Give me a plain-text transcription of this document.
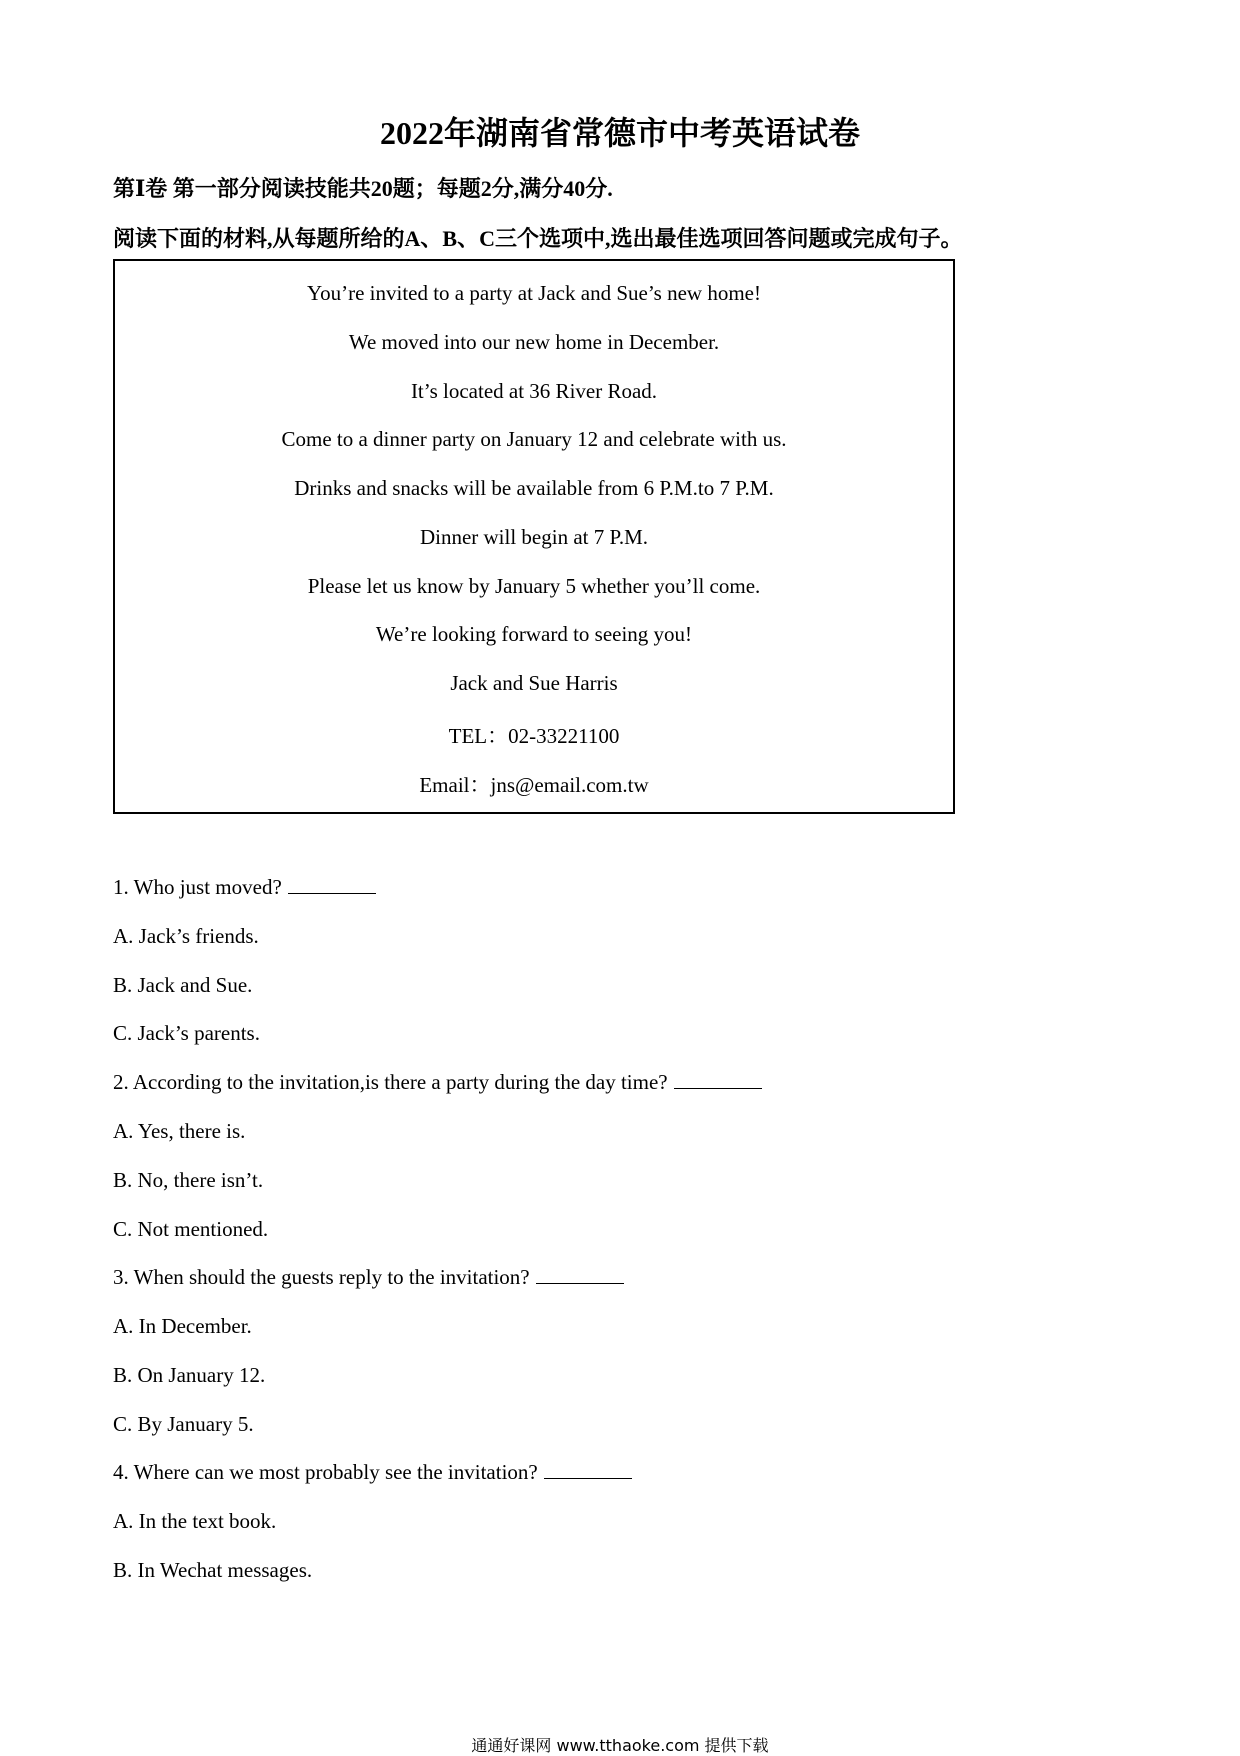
2022年湖南省常德市中考英语试卷

第Ⅰ卷 第一部分阅读技能共20题；每题2分,满分40分.

阅读下面的材料,从每题所给的A、B、C三个选项中,选出最佳选项回答问题或完成句子。

You’re invited to a party at Jack and Sue’s new home!
We moved into our new home in December.
It’s located at 36 River Road.
Come to a dinner party on January 12 and celebrate with us.
Drinks and snacks will be available from 6 P.M.to 7 P.M.
Dinner will begin at 7 P.M.
Please let us know by January 5 whether you’ll come.
We’re looking forward to seeing you!
Jack and Sue Harris
TEL：02-33221100
Email：jns@email.com.tw
1. Who just moved?
A. Jack’s friends.
B. Jack and Sue.
C. Jack’s parents.
2. According to the invitation,is there a party during the day time?
A. Yes, there is.
B. No, there isn’t.
C. Not mentioned.
3. When should the guests reply to the invitation?
A. In December.
B. On January 12.
C. By January 5.
4. Where can we most probably see the invitation?
A. In the text book.
B. In Wechat messages.
通通好课网 www.tthaoke.com 提供下载
